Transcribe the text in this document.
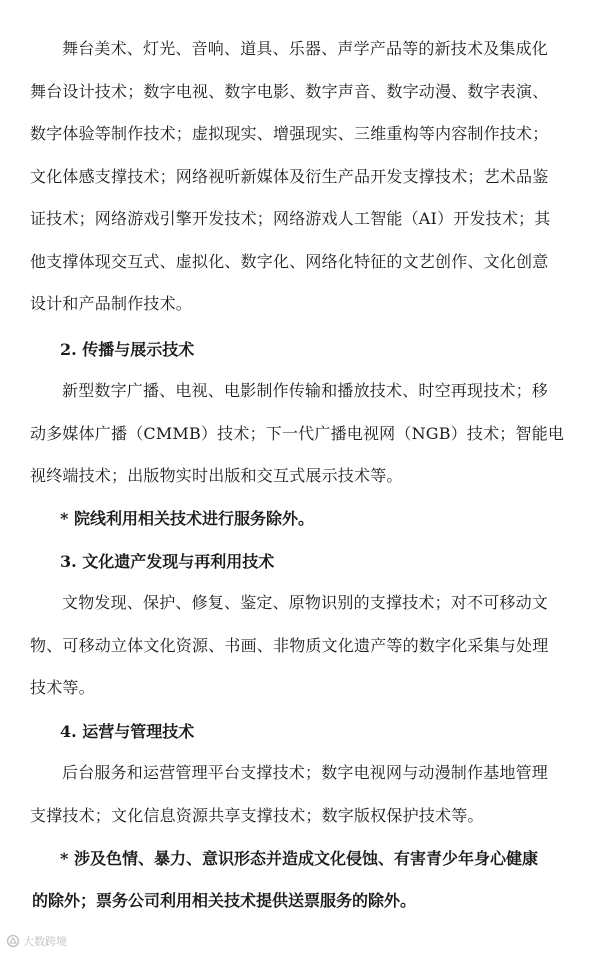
舞台美术、灯光、音响、道具、乐器、声学产品等的新技术及集成化
舞台设计技术；数字电视、数字电影、数字声音、数字动漫、数字表演、
数字体验等制作技术；虚拟现实、增强现实、三维重构等内容制作技术；
文化体感支撑技术；网络视听新媒体及衍生产品开发支撑技术；艺术品鉴
证技术；网络游戏引擎开发技术；网络游戏人工智能（AI）开发技术；其
他支撑体现交互式、虚拟化、数字化、网络化特征的文艺创作、文化创意
设计和产品制作技术。
2. 传播与展示技术
新型数字广播、电视、电影制作传输和播放技术、时空再现技术；移
动多媒体广播（CMMB）技术；下一代广播电视网（NGB）技术；智能电
视终端技术；出版物实时出版和交互式展示技术等。
* 院线利用相关技术进行服务除外。
3. 文化遗产发现与再利用技术
文物发现、保护、修复、鉴定、原物识别的支撑技术；对不可移动文
物、可移动立体文化资源、书画、非物质文化遗产等的数字化采集与处理
技术等。
4. 运营与管理技术
后台服务和运营管理平台支撑技术；数字电视网与动漫制作基地管理
支撑技术；文化信息资源共享支撑技术；数字版权保护技术等。
* 涉及色情、暴力、意识形态并造成文化侵蚀、有害青少年身心健康
的除外；票务公司利用相关技术提供送票服务的除外。
大数跨境
